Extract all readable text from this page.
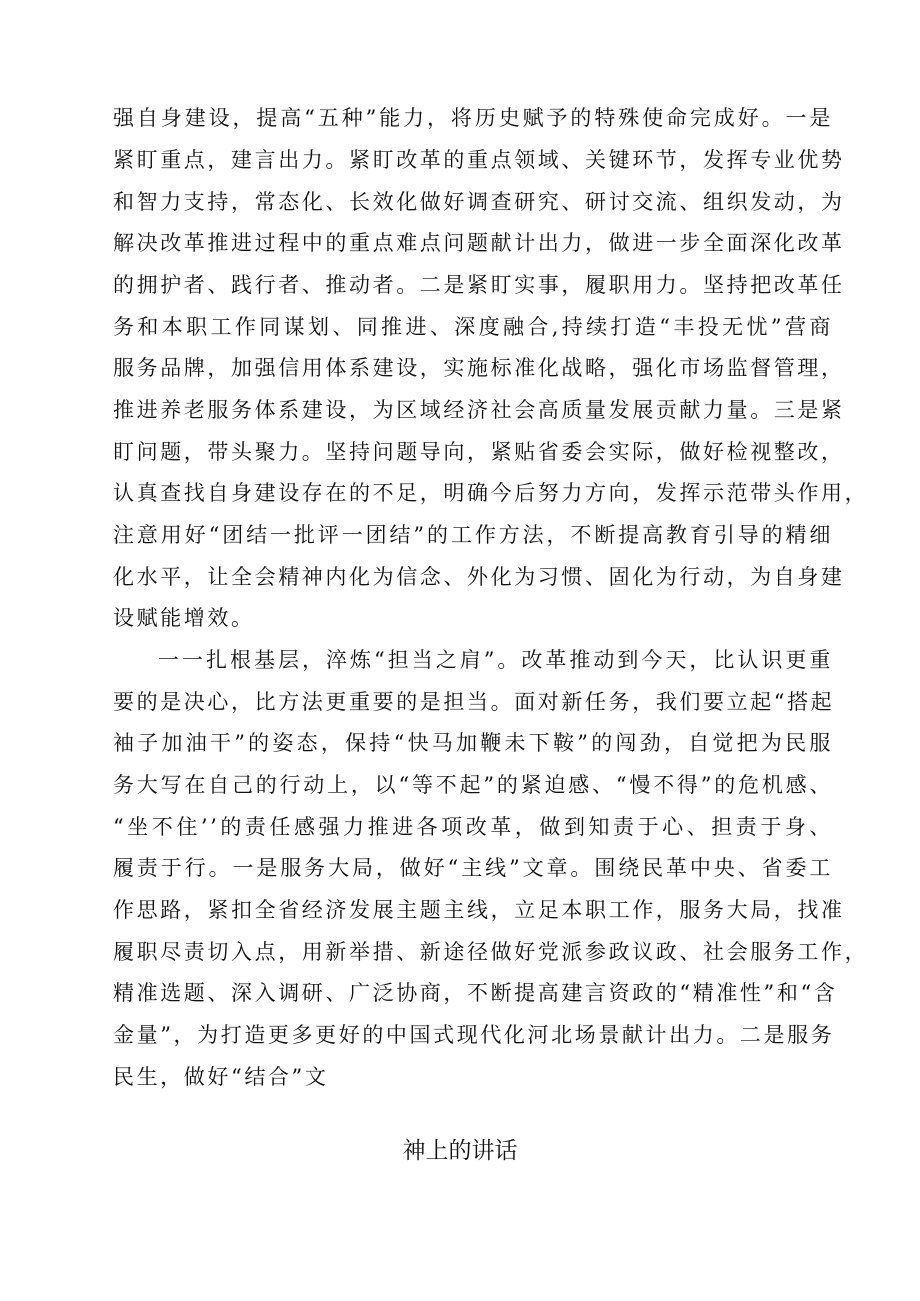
强自身建设，提高“五种”能力，将历史赋予的特殊使命完成好。一是
紧盯重点，建言出力。紧盯改革的重点领域、关键环节，发挥专业优势
和智力支持，常态化、长效化做好调查研究、研讨交流、组织发动，为
解决改革推进过程中的重点难点问题献计出力，做进一步全面深化改革
的拥护者、践行者、推动者。二是紧盯实事，履职用力。坚持把改革任
务和本职工作同谋划、同推进、深度融合,持续打造“丰投无忧”营商
服务品牌，加强信用体系建设，实施标准化战略，强化市场监督管理，
推进养老服务体系建设，为区域经济社会高质量发展贡献力量。三是紧
盯问题，带头聚力。坚持问题导向，紧贴省委会实际，做好检视整改，
认真查找自身建设存在的不足，明确今后努力方向，发挥示范带头作用，
注意用好“团结一批评一团结”的工作方法，不断提高教育引导的精细
化水平，让全会精神内化为信念、外化为习惯、固化为行动，为自身建
设赋能增效。
一一扎根基层，淬炼“担当之肩”。改革推动到今天，比认识更重
要的是决心，比方法更重要的是担当。面对新任务，我们要立起“搭起
袖子加油干”的姿态，保持“快马加鞭未下鞍”的闯劲，自觉把为民服
务大写在自己的行动上，以“等不起”的紧迫感、“慢不得”的危机感、
“坐不住’’的责任感强力推进各项改革，做到知责于心、担责于身、
履责于行。一是服务大局，做好“主线”文章。围绕民革中央、省委工
作思路，紧扣全省经济发展主题主线，立足本职工作，服务大局，找准
履职尽责切入点，用新举措、新途径做好党派参政议政、社会服务工作，
精准选题、深入调研、广泛协商，不断提高建言资政的“精准性”和“含
金量”，为打造更多更好的中国式现代化河北场景献计出力。二是服务
民生，做好“结合”文
神上的讲话
